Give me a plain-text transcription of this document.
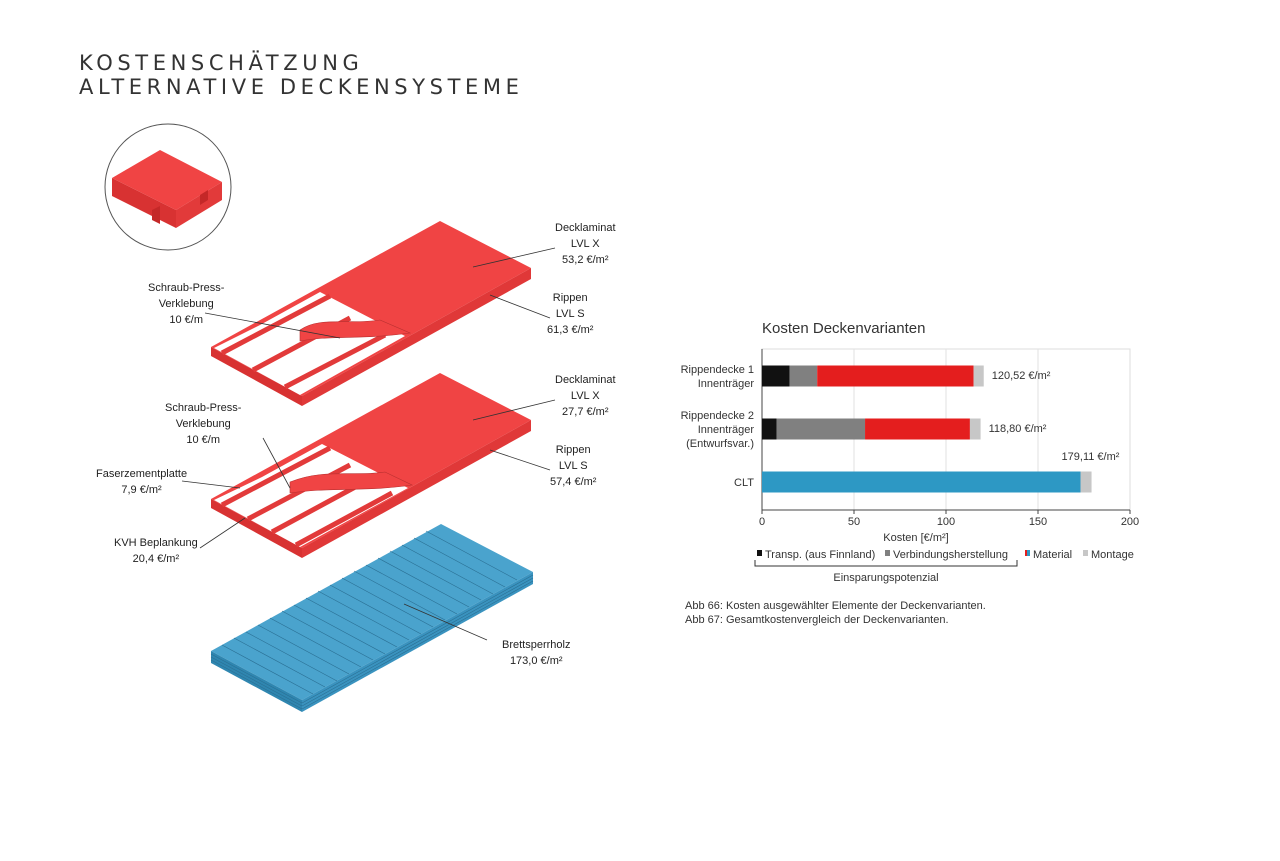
KOSTENSCHÄTZUNG
ALTERNATIVE DECKENSYSTEME
Decklaminat
LVL X
53,2 €/m²
Schraub-Press-
Verklebung
10 €/m
Rippen
LVL S
61,3 €/m²
Decklaminat
LVL X
27,7 €/m²
Schraub-Press-
Verklebung
10 €/m
Rippen
LVL S
57,4 €/m²
Faserzementplatte
7,9 €/m²
KVH Beplankung
20,4 €/m²
Brettsperrholz
173,0 €/m²
Kosten Deckenvarianten
0	50	100	150	200
Kosten [€/m²]
Rippendecke 1
Innenträger
120,52 €/m²
Rippendecke 2
Innenträger
(Entwurfsvar.)
118,80 €/m²
CLT
179,11 €/m²
Transp. (aus Finnland) Verbindungsherstellung Material Montage
Einsparungspotenzial
Abb 66: Kosten ausgewählter Elemente der Deckenvarianten.
Abb 67: Gesamtkostenvergleich der Deckenvarianten.
